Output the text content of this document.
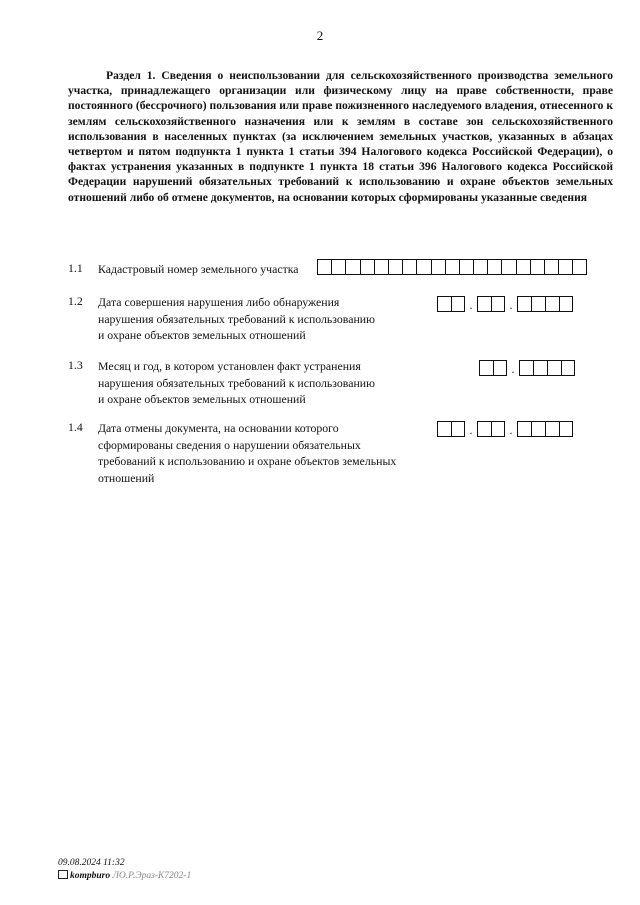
2
Раздел 1. Сведения о неиспользовании для сельскохозяйственного производства земельного участка, принадлежащего организации или физическому лицу на праве собственности, праве постоянного (бессрочного) пользования или праве пожизненного наследуемого владения, отнесенного к землям сельскохозяйственного назначения или к землям в составе зон сельскохозяйственного использования в населенных пунктах (за исключением земельных участков, указанных в абзацах четвертом и пятом подпункта 1 пункта 1 статьи 394 Налогового кодекса Российской Федерации), о фактах устранения указанных в подпункте 1 пункта 18 статьи 396 Налогового кодекса Российской Федерации нарушений обязательных требований к использованию и охране объектов земельных отношений либо об отмене документов, на основании которых сформированы указанные сведения
1.1 Кадастровый номер земельного участка
1.2 Дата совершения нарушения либо обнаружения
нарушения обязательных требований к использованию
и охране объектов земельных отношений
.	.
1.3 Месяц и год, в котором установлен факт устранения
нарушения обязательных требований к использованию
и охране объектов земельных отношений
.
1.4 Дата отмены документа, на основании которого
сформированы сведения о нарушении обязательных
требований к использованию и охране объектов земельных
отношений
.	.
09.08.2024 11:32
kompburo ЛО.Р.Эраз-К7202-1
